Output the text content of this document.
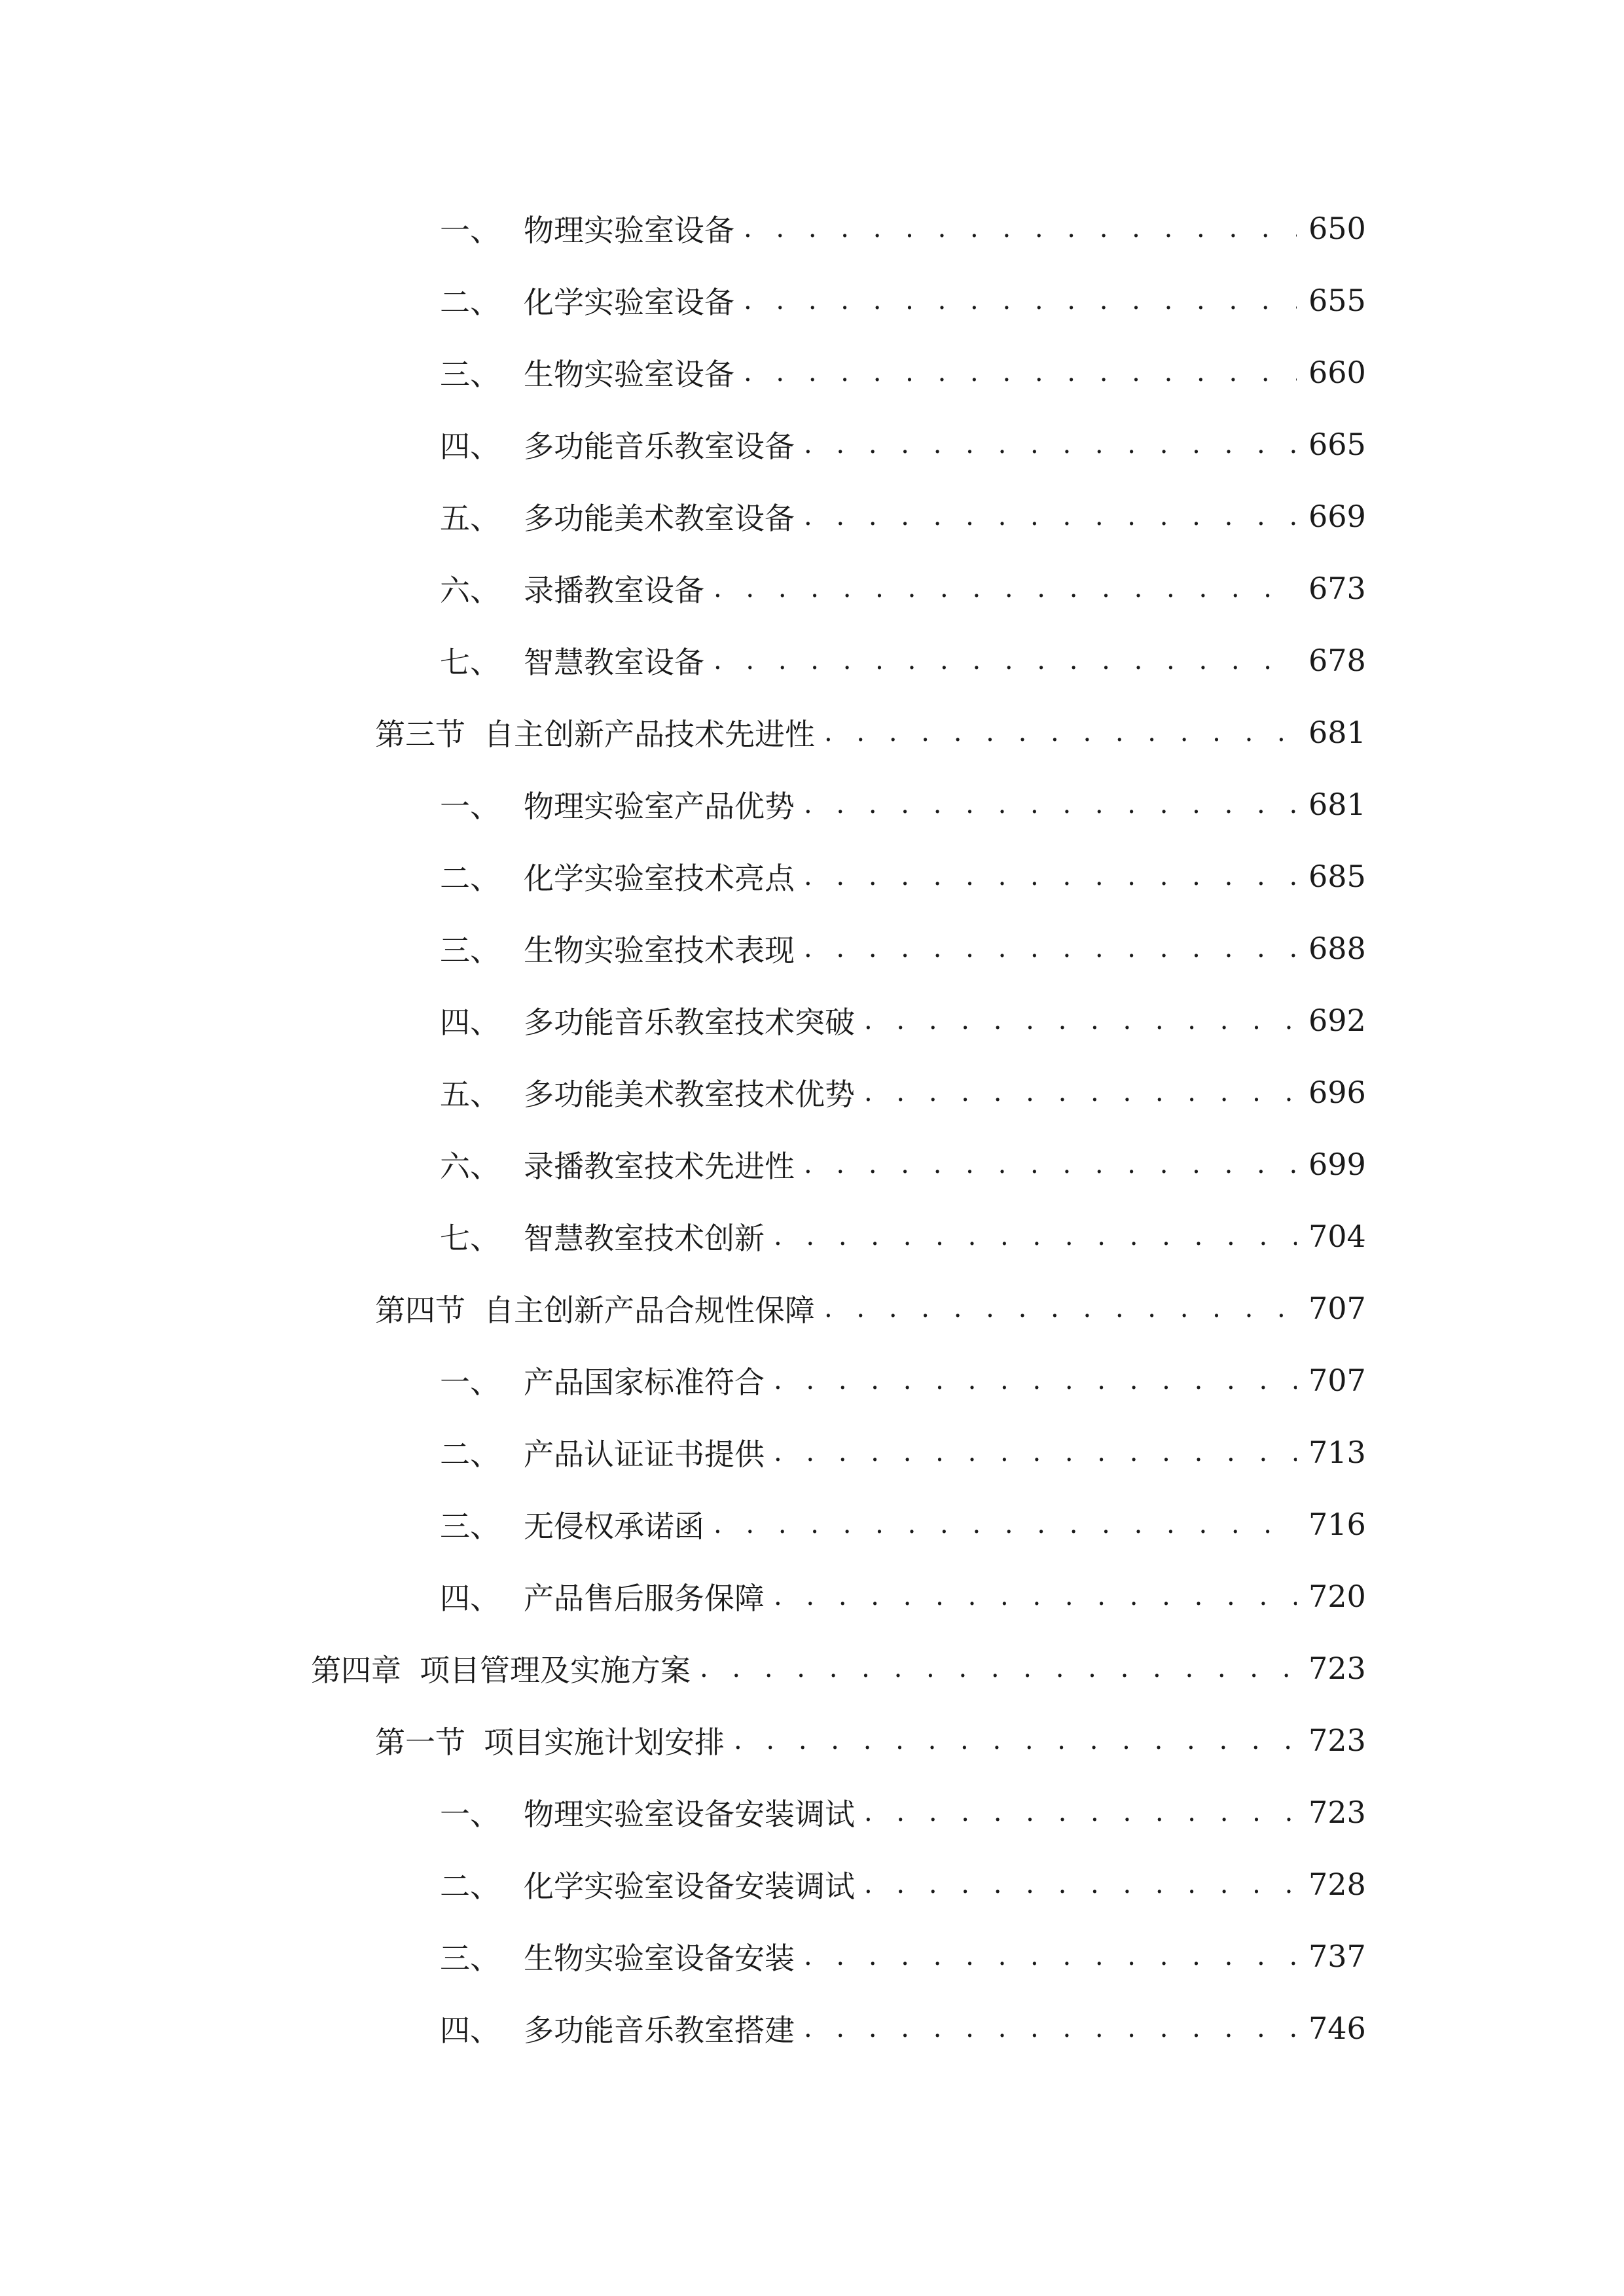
一、 物理实验室设备 . . .	650
二、 化学实验室设备 . . .	655
三、 生物实验室设备 . . .	660
四、 多功能音乐教室设备 . . .	665
五、 多功能美术教室设备 . . .	669
六、 录播教室设备 . . .	673
七、 智慧教室设备 . . .	678
第三节 自主创新产品技术先进性 . . .	681
一、 物理实验室产品优势 . . .	681
二、 化学实验室技术亮点 . . .	685
三、 生物实验室技术表现 . . .	688
四、 多功能音乐教室技术突破 . . .	692
五、 多功能美术教室技术优势 . . .	696
六、 录播教室技术先进性 . . .	699
七、 智慧教室技术创新 . . .	704
第四节 自主创新产品合规性保障 . . .	707
一、 产品国家标准符合 . . .	707
二、 产品认证证书提供 . . .	713
三、 无侵权承诺函 . . .	716
四、 产品售后服务保障 . . .	720
第四章 项目管理及实施方案 . . .	723
第一节 项目实施计划安排 . . .	723
一、 物理实验室设备安装调试 . . .	723
二、 化学实验室设备安装调试 . . .	728
三、 生物实验室设备安装 . . .	737
四、 多功能音乐教室搭建 . . .	746
